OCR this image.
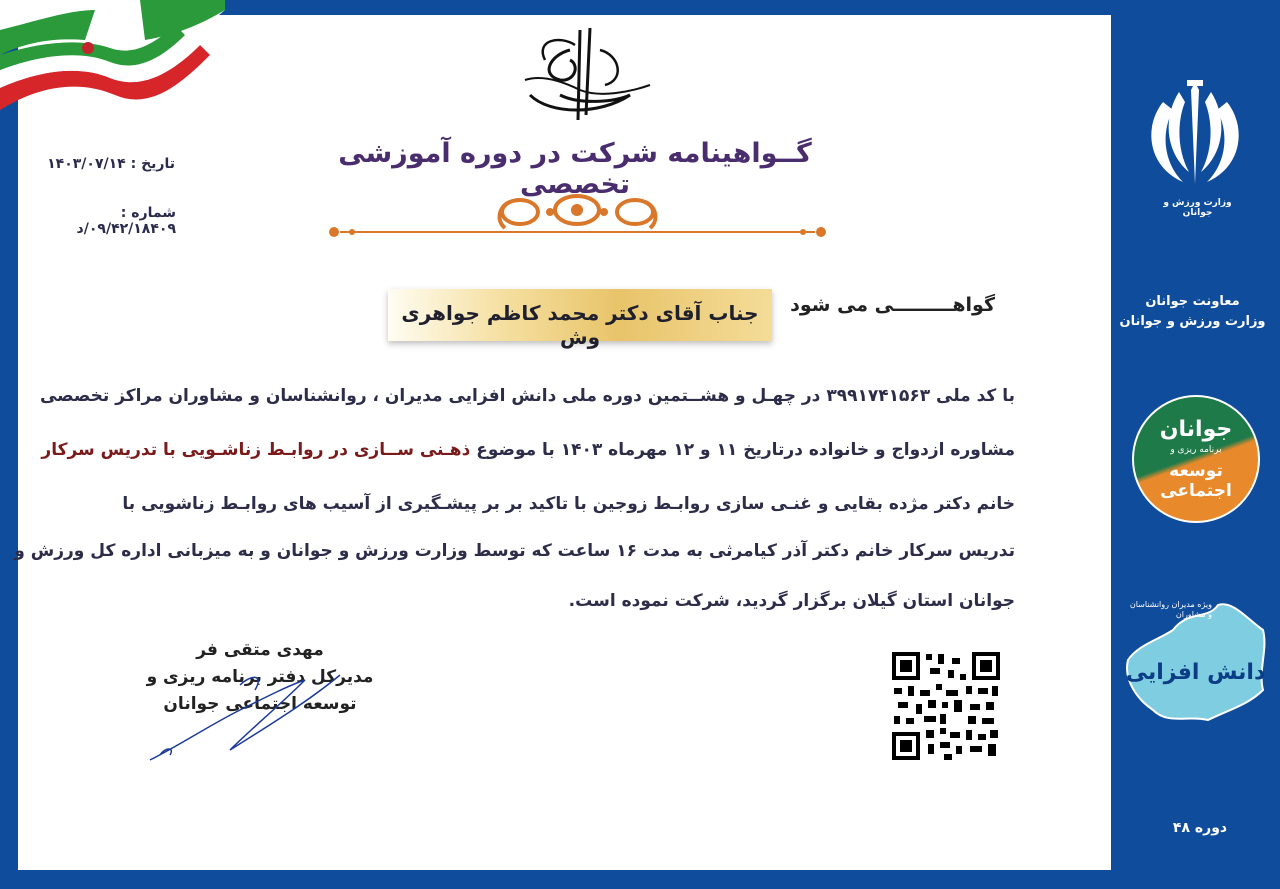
گــواهینامه شرکت در دوره آموزشی تخصصی
تاریخ : ۱۴۰۳/۰۷/۱۴
شماره : ۰۹/۴۲/۱۸۴۰۹/د
گواهـــــــــی می شود
جناب آقای دکتر محمد کاظم جواهری وش
با کد ملی ۳۹۹۱۷۴۱۵۶۳ در چهـل و هشــتمین دوره ملی دانش افزایی مدیران ، روانشناسان و مشاوران مراکز تخصصی
مشاوره ازدواج و خانواده درتاریخ ۱۱ و ۱۲ مهرماه ۱۴۰۳ با موضوع ذهـنی ســازی در روابـط زناشـویی با تدریس سرکار
خانم دکتر مژده بقایی و غنـی سازی روابـط زوجین با تاکید بر بر پیشـگیری از آسیب های روابـط زناشویی با
تدریس سرکار خانم دکتر آذر کیامرثی به مدت ۱۶ ساعت که توسط وزارت ورزش و جوانان و به میزبانی اداره کل ورزش و
جوانان استان گیلان برگزار گردید، شرکت نموده است.
مهدی متقی فر
مدیرکل دفتر برنامه ریزی و
توسعه اجتماعی جوانان
وزارت ورزش و جوانان
معاونت جوانان
وزارت ورزش و جوانان
جوانان
برنامه ریزی و
توسعه اجتماعی
ویژه مدیران روانشناسان و مشاوران
دانش افزایی
دوره ۴۸
